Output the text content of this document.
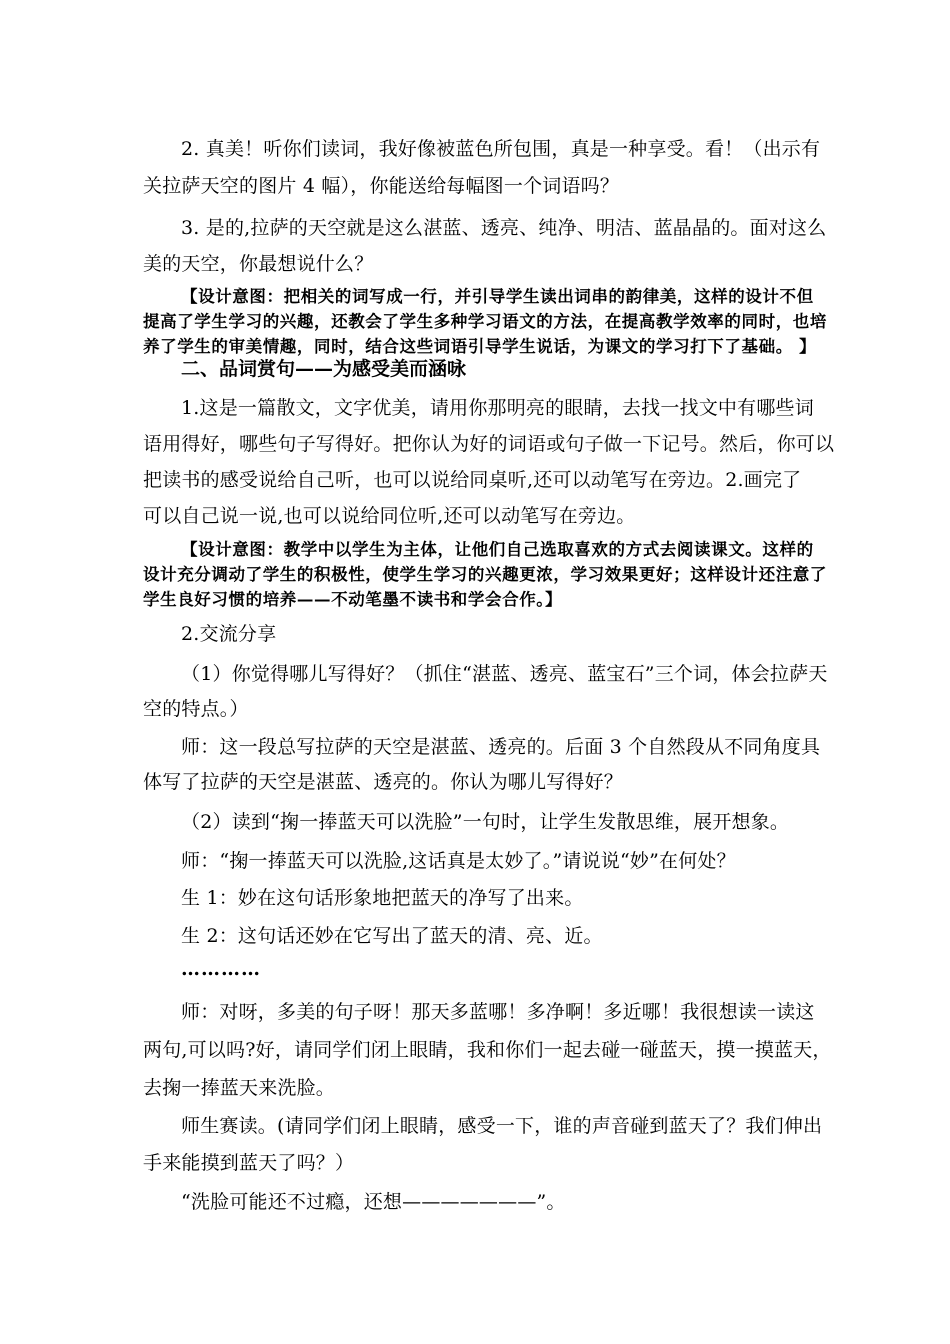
2. 真美！听你们读词，我好像被蓝色所包围，真是一种享受。看！（出示有
关拉萨天空的图片 4 幅），你能送给每幅图一个词语吗？
3. 是的,拉萨的天空就是这么湛蓝、透亮、纯净、明洁、蓝晶晶的。面对这么
美的天空，你最想说什么？
【设计意图：把相关的词写成一行，并引导学生读出词串的韵律美，这样的设计不但
提高了学生学习的兴趣，还教会了学生多种学习语文的方法，在提高教学效率的同时，也培
养了学生的审美情趣，同时，结合这些词语引导学生说话，为课文的学习打下了基础。 】
二、品词赏句——为感受美而涵咏
1.这是一篇散文，文字优美，请用你那明亮的眼睛，去找一找文中有哪些词
语用得好，哪些句子写得好。把你认为好的词语或句子做一下记号。然后，你可以
把读书的感受说给自己听，也可以说给同桌听,还可以动笔写在旁边。2.画完了
可以自己说一说,也可以说给同位听,还可以动笔写在旁边。
【设计意图：教学中以学生为主体，让他们自己选取喜欢的方式去阅读课文。这样的
设计充分调动了学生的积极性，使学生学习的兴趣更浓，学习效果更好；这样设计还注意了
学生良好习惯的培养——不动笔墨不读书和学会合作。】
2.交流分享
（1）你觉得哪儿写得好？（抓住“湛蓝、透亮、蓝宝石”三个词，体会拉萨天
空的特点。）
师：这一段总写拉萨的天空是湛蓝、透亮的。后面 3 个自然段从不同角度具
体写了拉萨的天空是湛蓝、透亮的。你认为哪儿写得好？
（2）读到“掬一捧蓝天可以洗脸”一句时，让学生发散思维，展开想象。
师：“掬一捧蓝天可以洗脸,这话真是太妙了。”请说说“妙”在何处？
生 1：妙在这句话形象地把蓝天的净写了出来。
生 2：这句话还妙在它写出了蓝天的清、亮、近。
…………
师：对呀，多美的句子呀！那天多蓝哪！多净啊！多近哪！我很想读一读这
两句,可以吗?好，请同学们闭上眼睛，我和你们一起去碰一碰蓝天，摸一摸蓝天，
去掬一捧蓝天来洗脸。
师生赛读。(请同学们闭上眼睛，感受一下，谁的声音碰到蓝天了？我们伸出
手来能摸到蓝天了吗？）
“洗脸可能还不过瘾，还想———————”。
